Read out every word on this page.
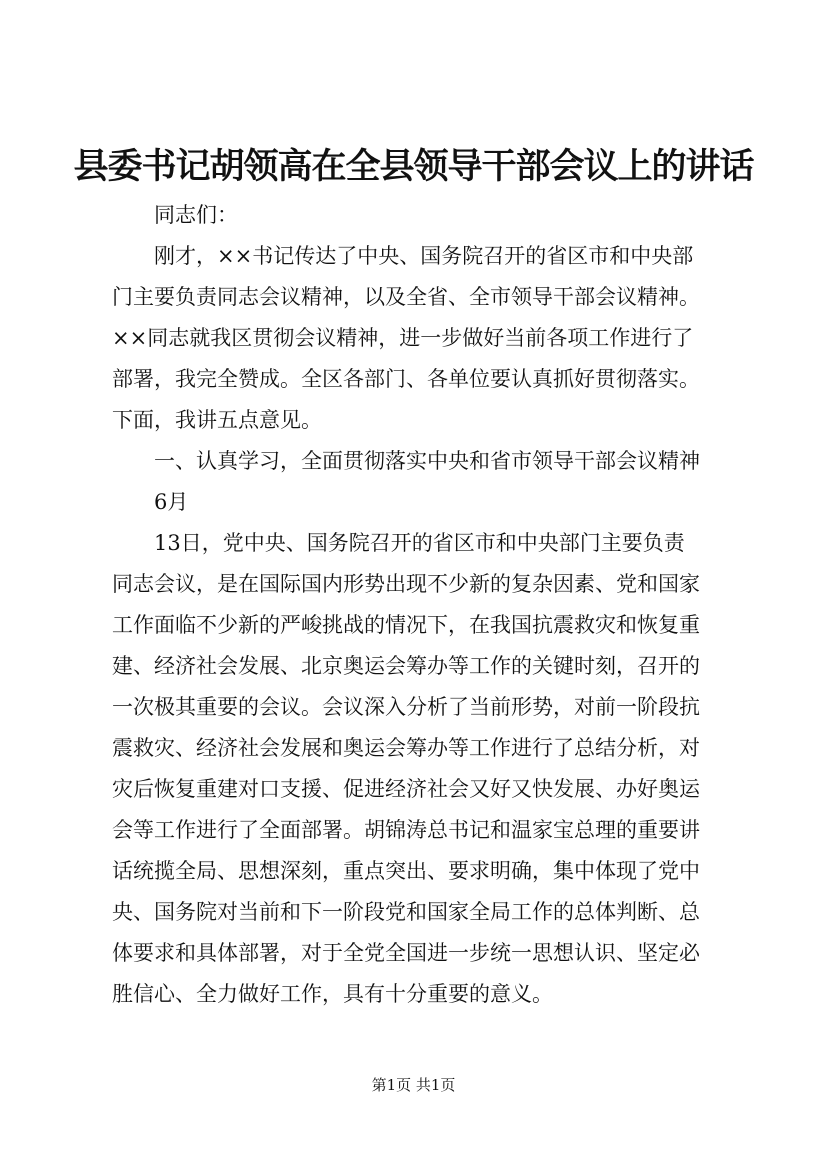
县委书记胡领高在全县领导干部会议上的讲话
同志们：
刚才，××书记传达了中央、国务院召开的省区市和中央部
门主要负责同志会议精神，以及全省、全市领导干部会议精神。
××同志就我区贯彻会议精神，进一步做好当前各项工作进行了
部署，我完全赞成。全区各部门、各单位要认真抓好贯彻落实。
下面，我讲五点意见。
一、认真学习，全面贯彻落实中央和省市领导干部会议精神
6月
13日，党中央、国务院召开的省区市和中央部门主要负责
同志会议，是在国际国内形势出现不少新的复杂因素、党和国家
工作面临不少新的严峻挑战的情况下，在我国抗震救灾和恢复重
建、经济社会发展、北京奥运会筹办等工作的关键时刻，召开的
一次极其重要的会议。会议深入分析了当前形势，对前一阶段抗
震救灾、经济社会发展和奥运会筹办等工作进行了总结分析，对
灾后恢复重建对口支援、促进经济社会又好又快发展、办好奥运
会等工作进行了全面部署。胡锦涛总书记和温家宝总理的重要讲
话统揽全局、思想深刻，重点突出、要求明确，集中体现了党中
央、国务院对当前和下一阶段党和国家全局工作的总体判断、总
体要求和具体部署，对于全党全国进一步统一思想认识、坚定必
胜信心、全力做好工作，具有十分重要的意义。
第1页 共1页
